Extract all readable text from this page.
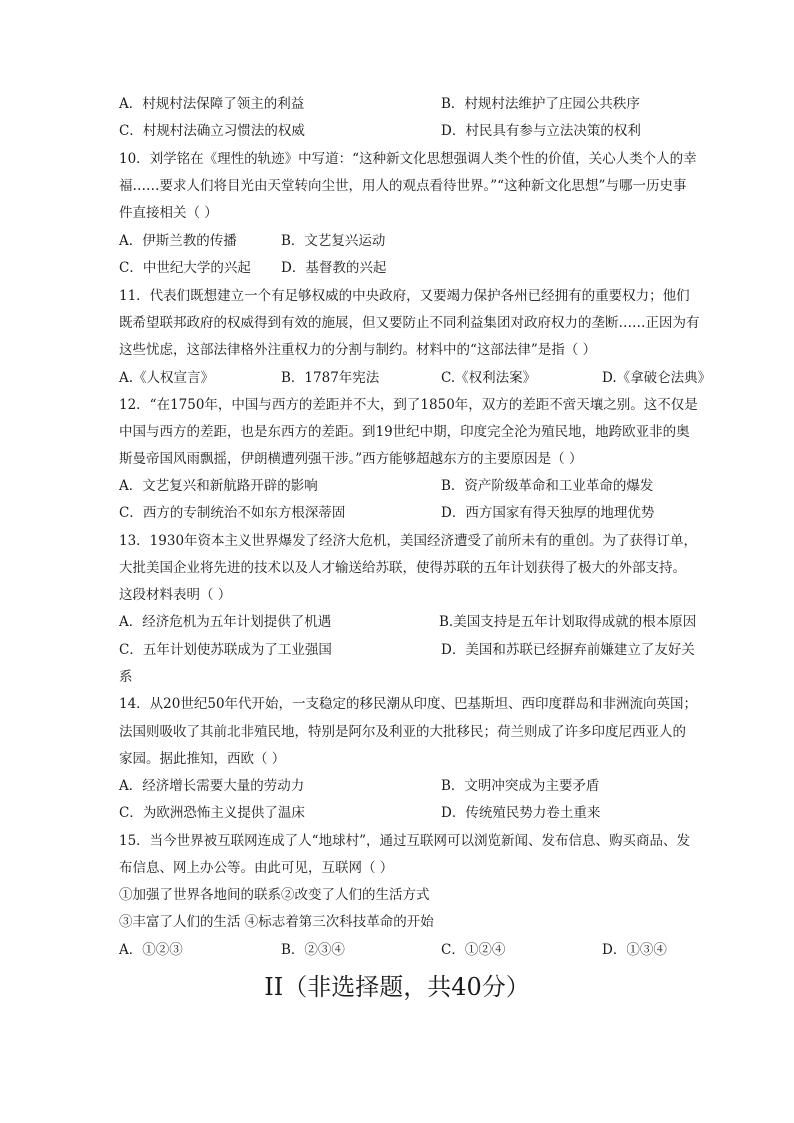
A．村规村法保障了领主的利益	B．村规村法维护了庄园公共秩序
C．村规村法确立习惯法的权威	D．村民具有参与立法决策的权利
10．刘学铭在《理性的轨迹》中写道：“这种新文化思想强调人类个性的价值，关心人类个人的幸
福……要求人们将目光由天堂转向尘世，用人的观点看待世界。”“这种新文化思想”与哪一历史事
件直接相关（ ）
A．伊斯兰教的传播	B．文艺复兴运动
C．中世纪大学的兴起 D．基督教的兴起
11．代表们既想建立一个有足够权威的中央政府，又要竭力保护各州已经拥有的重要权力；他们
既希望联邦政府的权威得到有效的施展，但又要防止不同利益集团对政府权力的垄断……正因为有
这些忧虑，这部法律格外注重权力的分割与制约。材料中的“这部法律”是指（ ）
A.《人权宣言》	B．1787年宪法	C.《权利法案》	D.《拿破仑法典》
12．“在1750年，中国与西方的差距并不大，到了1850年，双方的差距不啻天壤之别。这不仅是
中国与西方的差距，也是东西方的差距。到19世纪中期，印度完全沦为殖民地，地跨欧亚非的奥
斯曼帝国风雨飘摇，伊朗横遭列强干涉。”西方能够超越东方的主要原因是（ ）
A．文艺复兴和新航路开辟的影响	B．资产阶级革命和工业革命的爆发
C．西方的专制统治不如东方根深蒂固	D．西方国家有得天独厚的地理优势
13．1930年资本主义世界爆发了经济大危机，美国经济遭受了前所未有的重创。为了获得订单，
大批美国企业将先进的技术以及人才输送给苏联，使得苏联的五年计划获得了极大的外部支持。
这段材料表明（ ）
A．经济危机为五年计划提供了机遇	B.美国支持是五年计划取得成就的根本原因
C．五年计划使苏联成为了工业强国	D．美国和苏联已经摒弃前嫌建立了友好关
系
14．从20世纪50年代开始，一支稳定的移民潮从印度、巴基斯坦、西印度群岛和非洲流向英国；
法国则吸收了其前北非殖民地，特别是阿尔及利亚的大批移民；荷兰则成了许多印度尼西亚人的
家园。据此推知，西欧（ ）
A．经济增长需要大量的劳动力	B．文明冲突成为主要矛盾
C．为欧洲恐怖主义提供了温床	D．传统殖民势力卷土重来
15．当今世界被互联网连成了人“地球村”，通过互联网可以浏览新闻、发布信息、购买商品、发
布信息、网上办公等。由此可见，互联网（ ）
①加强了世界各地间的联系②改变了人们的生活方式
③丰富了人们的生活 ④标志着第三次科技革命的开始
A．①②③	B．②③④	C．①②④	D．①③④
II（非选择题，共40分）
